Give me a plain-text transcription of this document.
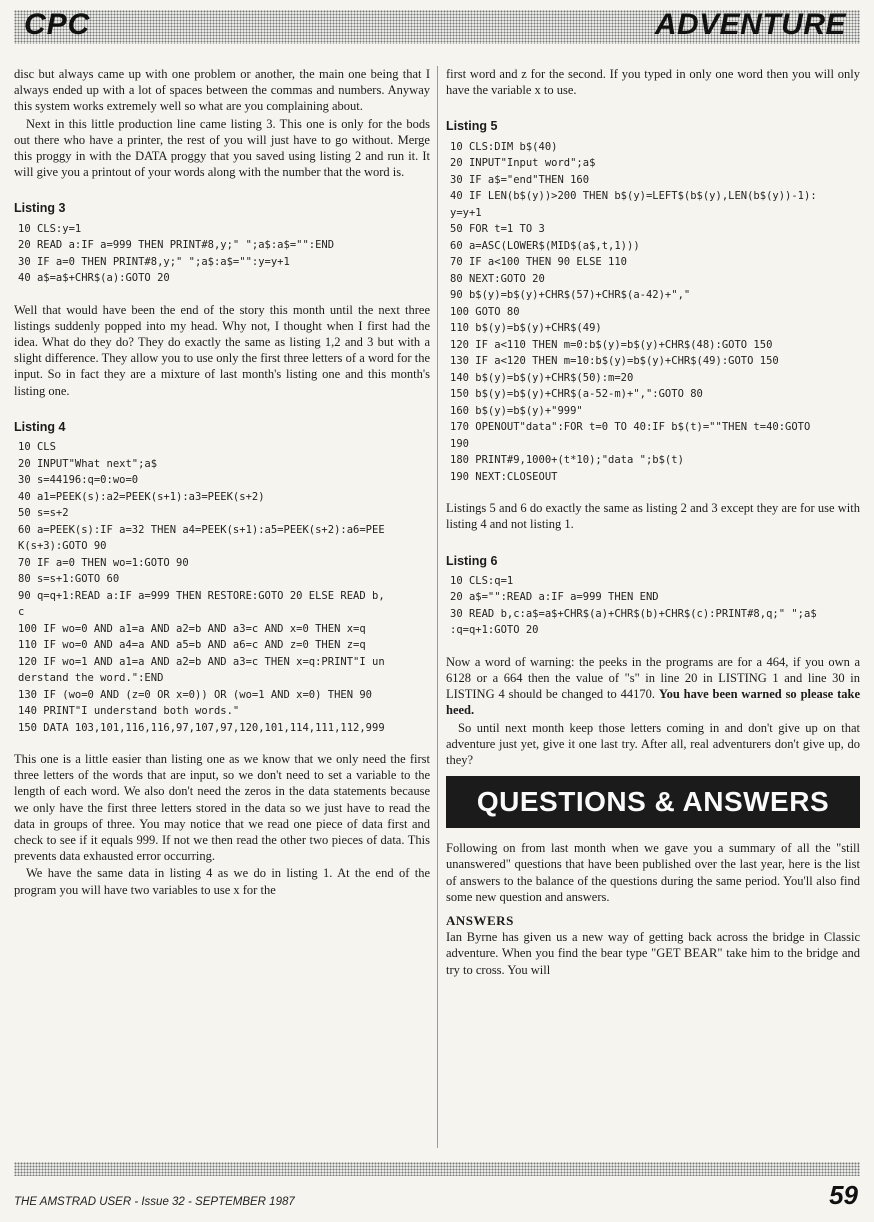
CPC	ADVENTURE

disc but always came up with one problem or another, the main one being that I always ended up with a lot of spaces between the commas and numbers. Anyway this system works extremely well so what are you complaining about.

Next in this little production line came listing 3. This one is only for the bods out there who have a printer, the rest of you will just have to go without. Merge this proggy in with the DATA proggy that you saved using listing 2 and run it. It will give you a printout of your words along with the number that the word is.

Listing 3
10 CLS:y=1
20 READ a:IF a=999 THEN PRINT#8,y;" ";a$:a$="":END
30 IF a=0 THEN PRINT#8,y;" ";a$:a$="":y=y+1
40 a$=a$+CHR$(a):GOTO 20

Well that would have been the end of the story this month until the next three listings suddenly popped into my head. Why not, I thought when I first had the idea. What do they do? They do exactly the same as listing 1,2 and 3 but with a slight difference. They allow you to use only the first three letters of a word for the input. So in fact they are a mixture of last month's listing one and this month's listing one.

Listing 4
10 CLS
20 INPUT"What next";a$
30 s=44196:q=0:wo=0
40 a1=PEEK(s):a2=PEEK(s+1):a3=PEEK(s+2)
50 s=s+2
60 a=PEEK(s):IF a=32 THEN a4=PEEK(s+1):a5=PEEK(s+2):a6=PEE
K(s+3):GOTO 90
70 IF a=0 THEN wo=1:GOTO 90
80 s=s+1:GOTO 60
90 q=q+1:READ a:IF a=999 THEN RESTORE:GOTO 20 ELSE READ b,
c
100 IF wo=0 AND a1=a AND a2=b AND a3=c AND x=0 THEN x=q
110 IF wo=0 AND a4=a AND a5=b AND a6=c AND z=0 THEN z=q
120 IF wo=1 AND a1=a AND a2=b AND a3=c THEN x=q:PRINT"I un
derstand the word.":END
130 IF (wo=0 AND (z=0 OR x=0)) OR (wo=1 AND x=0) THEN 90
140 PRINT"I understand both words."
150 DATA 103,101,116,116,97,107,97,120,101,114,111,112,999

This one is a little easier than listing one as we know that we only need the first three letters of the words that are input, so we don't need to set a variable to the length of each word. We also don't need the zeros in the data statements because we only have the first three letters stored in the data so we just have to read the data in groups of three. You may notice that we read one piece of data first and check to see if it equals 999. If not we then read the other two pieces of data. This prevents data exhausted error occurring.

We have the same data in listing 4 as we do in listing 1. At the end of the program you will have two variables to use x for the

first word and z for the second. If you typed in only one word then you will only have the variable x to use.

Listing 5
10 CLS:DIM b$(40)
20 INPUT"Input word";a$
30 IF a$="end"THEN 160
40 IF LEN(b$(y))>200 THEN b$(y)=LEFT$(b$(y),LEN(b$(y))-1):
y=y+1
50 FOR t=1 TO 3
60 a=ASC(LOWER$(MID$(a$,t,1)))
70 IF a<100 THEN 90 ELSE 110
80 NEXT:GOTO 20
90 b$(y)=b$(y)+CHR$(57)+CHR$(a-42)+","
100 GOTO 80
110 b$(y)=b$(y)+CHR$(49)
120 IF a<110 THEN m=0:b$(y)=b$(y)+CHR$(48):GOTO 150
130 IF a<120 THEN m=10:b$(y)=b$(y)+CHR$(49):GOTO 150
140 b$(y)=b$(y)+CHR$(50):m=20
150 b$(y)=b$(y)+CHR$(a-52-m)+",":GOTO 80
160 b$(y)=b$(y)+"999"
170 OPENOUT"data":FOR t=0 TO 40:IF b$(t)=""THEN t=40:GOTO
190
180 PRINT#9,1000+(t*10);"data ";b$(t)
190 NEXT:CLOSEOUT

Listings 5 and 6 do exactly the same as listing 2 and 3 except they are for use with listing 4 and not listing 1.

Listing 6
10 CLS:q=1
20 a$="":READ a:IF a=999 THEN END
30 READ b,c:a$=a$+CHR$(a)+CHR$(b)+CHR$(c):PRINT#8,q;" ";a$
:q=q+1:GOTO 20

Now a word of warning: the peeks in the programs are for a 464, if you own a 6128 or a 664 then the value of "s" in line 20 in LISTING 1 and line 30 in LISTING 4 should be changed to 44170. You have been warned so please take heed.

So until next month keep those letters coming in and don't give up on that adventure just yet, give it one last try. After all, real adventurers don't give up, do they?

QUESTIONS & ANSWERS

Following on from last month when we gave you a summary of all the "still unanswered" questions that have been published over the last year, here is the list of answers to the balance of the questions during the same period. You'll also find some new question and answers.

ANSWERS

Ian Byrne has given us a new way of getting back across the bridge in Classic adventure. When you find the bear type "GET BEAR" take him to the bridge and try to cross. You will

THE AMSTRAD USER - Issue 32 - SEPTEMBER 1987	59
